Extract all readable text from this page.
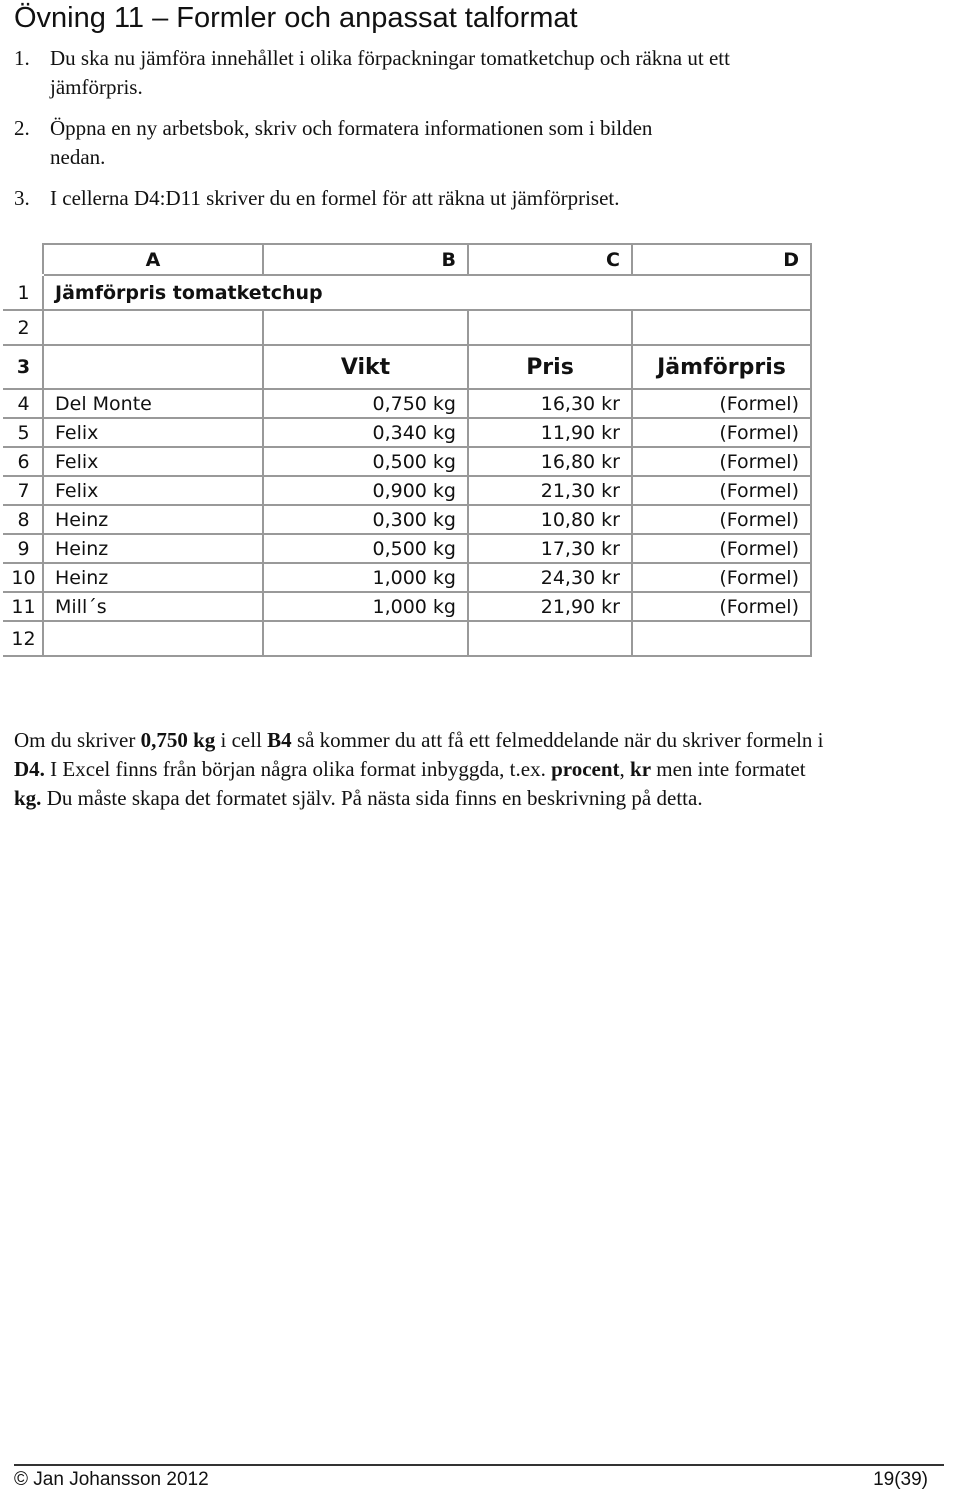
Övning 11 – Formler och anpassat talformat
1. Du ska nu jämföra innehållet i olika förpackningar tomatketchup och räkna ut ett jämförpris.
2. Öppna en ny arbetsbok, skriv och formatera informationen som i bilden nedan.
3. I cellerna D4:D11 skriver du en formel för att räkna ut jämförpriset.
	A	B	C	D
1	Jämförpris tomatketchup			
2				
3		Vikt	Pris	Jämförpris
4	Del Monte	0,750 kg	16,30 kr	(Formel)
5	Felix	0,340 kg	11,90 kr	(Formel)
6	Felix	0,500 kg	16,80 kr	(Formel)
7	Felix	0,900 kg	21,30 kr	(Formel)
8	Heinz	0,300 kg	10,80 kr	(Formel)
9	Heinz	0,500 kg	17,30 kr	(Formel)
10	Heinz	1,000 kg	24,30 kr	(Formel)
11	Mill´s	1,000 kg	21,90 kr	(Formel)
12				
Om du skriver 0,750 kg i cell B4 så kommer du att få ett felmeddelande när du skriver formeln i D4. I Excel finns från början några olika format inbyggda, t.ex. procent, kr men inte formatet kg. Du måste skapa det formatet själv. På nästa sida finns en beskrivning på detta.
© Jan Johansson 2012	19(39)
